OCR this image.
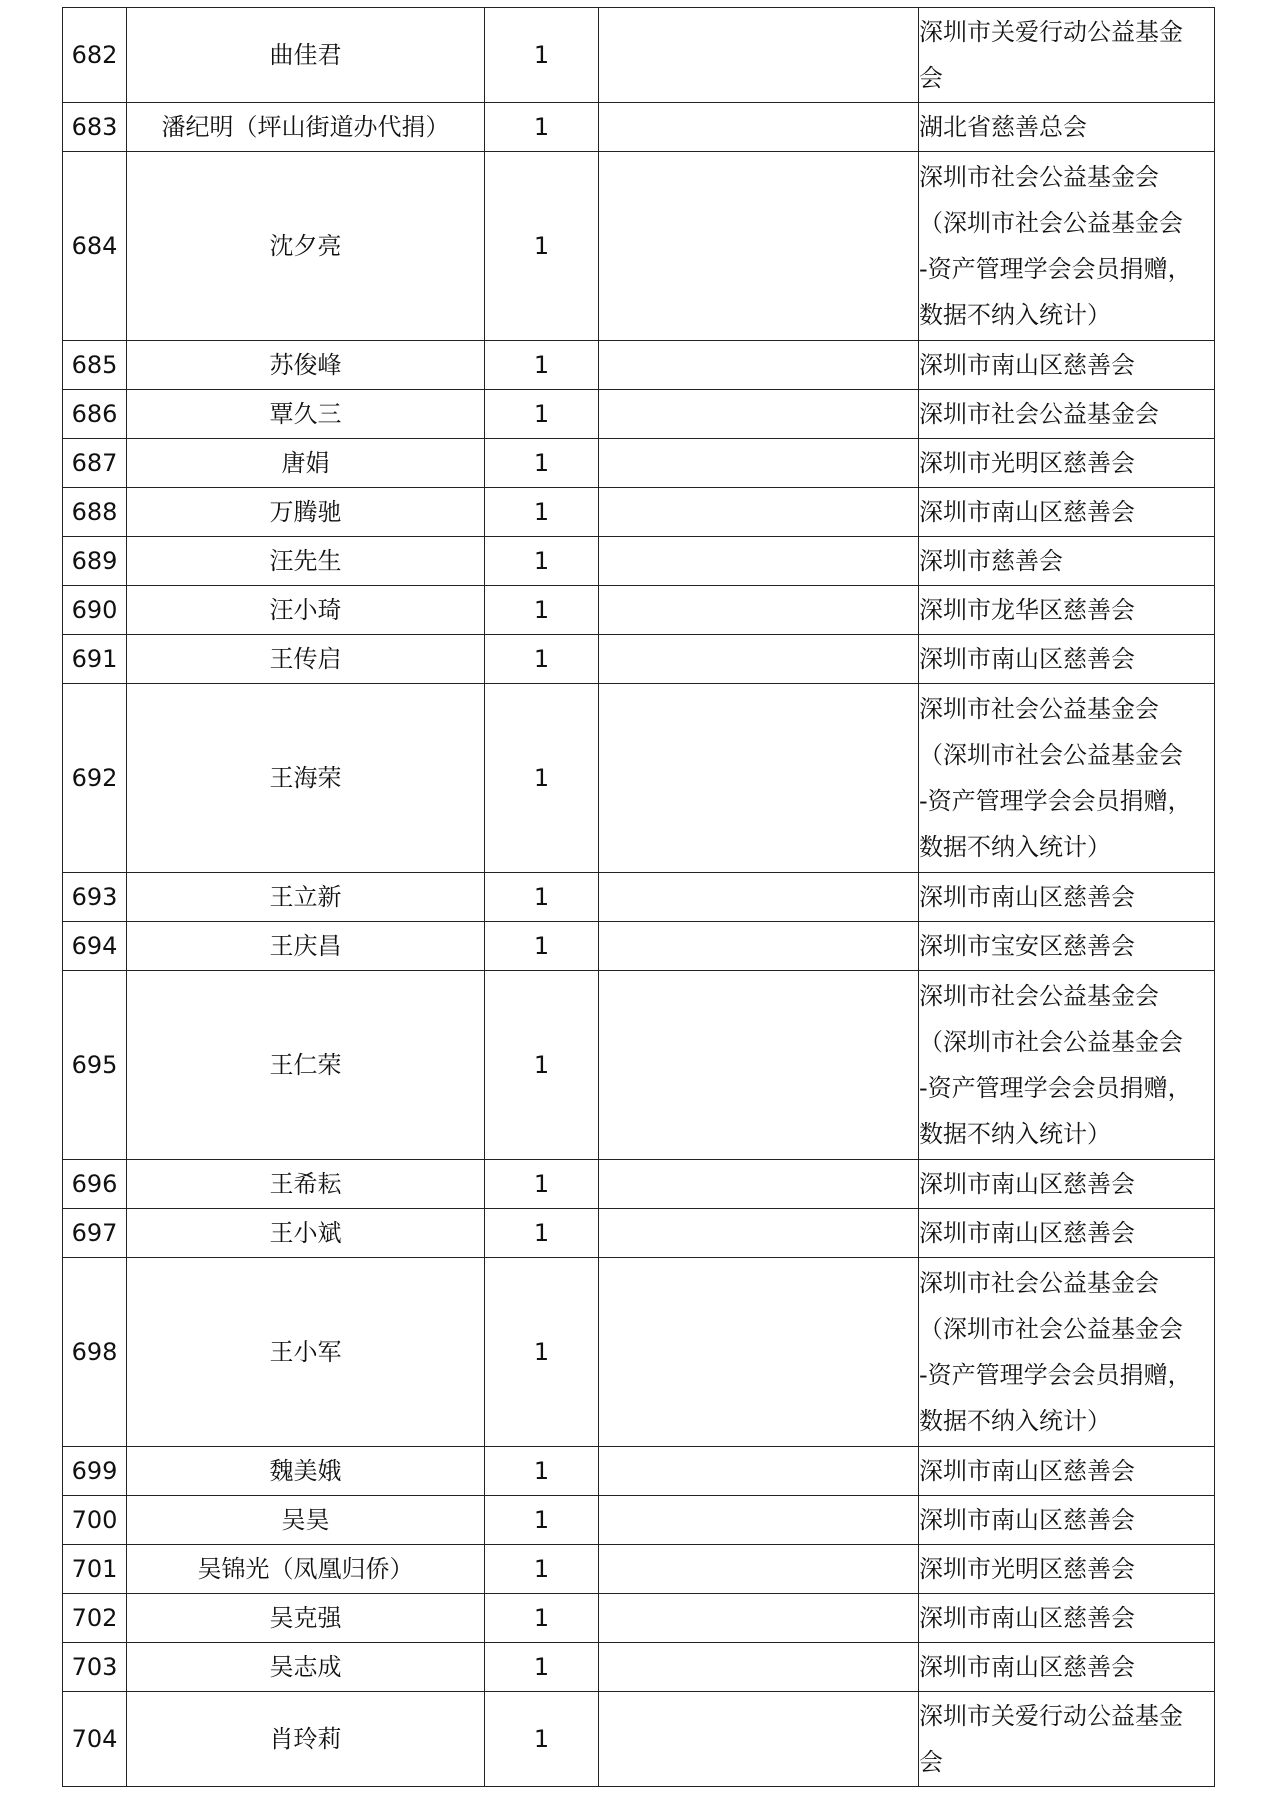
682	曲佳君	1		深圳市关爱行动公益基金
会

683	潘纪明（坪山街道办代捐）	1		湖北省慈善总会

684	沈夕亮	1		深圳市社会公益基金会
（深圳市社会公益基金会
-资产管理学会会员捐赠，
数据不纳入统计）

685	苏俊峰	1		深圳市南山区慈善会

686	覃久三	1		深圳市社会公益基金会

687	唐娟	1		深圳市光明区慈善会

688	万腾驰	1		深圳市南山区慈善会

689	汪先生	1		深圳市慈善会

690	汪小琦	1		深圳市龙华区慈善会

691	王传启	1		深圳市南山区慈善会

692	王海荣	1		深圳市社会公益基金会
（深圳市社会公益基金会
-资产管理学会会员捐赠，
数据不纳入统计）

693	王立新	1		深圳市南山区慈善会

694	王庆昌	1		深圳市宝安区慈善会

695	王仁荣	1		深圳市社会公益基金会
（深圳市社会公益基金会
-资产管理学会会员捐赠，
数据不纳入统计）

696	王希耘	1		深圳市南山区慈善会

697	王小斌	1		深圳市南山区慈善会

698	王小军	1		深圳市社会公益基金会
（深圳市社会公益基金会
-资产管理学会会员捐赠，
数据不纳入统计）

699	魏美娥	1		深圳市南山区慈善会

700	吴昊	1		深圳市南山区慈善会

701	吴锦光（凤凰归侨）	1		深圳市光明区慈善会

702	吴克强	1		深圳市南山区慈善会

703	吴志成	1		深圳市南山区慈善会

704	肖玲莉	1		深圳市关爱行动公益基金
会
